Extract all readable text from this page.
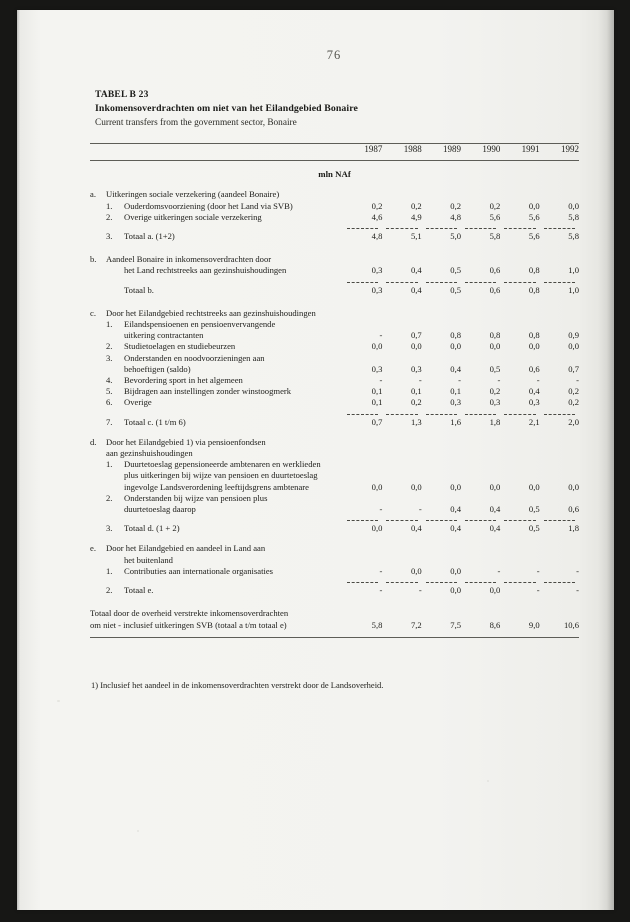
76
TABEL B 23
Inkomensoverdrachten om niet van het Eilandgebied Bonaire
Current transfers from the government sector, Bonaire

			1987	1988	1989	1990	1991	1992

mln NAf								
a.	Uitkeringen sociale verzekering (aandeel Bonaire)							
	1.	Ouderdomsvoorziening (door het Land via SVB)	0,2	0,2	0,2	0,2	0,0	0,0
	2.	Overige uitkeringen sociale verzekering	4,6	4,9	4,8	5,6	5,6	5,8

	3.	Totaal a. (1+2)	4,8	5,1	5,0	5,8	5,6	5,8

b.	Aandeel Bonaire in inkomensoverdrachten door							
		het Land rechtstreeks aan gezinshuishoudingen	0,3	0,4	0,5	0,6	0,8	1,0

		Totaal b.	0,3	0,4	0,5	0,6	0,8	1,0

c.	Door het Eilandgebied rechtstreeks aan gezinshuishoudingen							
	1.	Eilandspensioenen en pensioenvervangende						
		uitkering contractanten	-	0,7	0,8	0,8	0,8	0,9
	2.	Studietoelagen en studiebeurzen	0,0	0,0	0,0	0,0	0,0	0,0
	3.	Onderstanden en noodvoorzieningen aan						
		behoeftigen (saldo)	0,3	0,3	0,4	0,5	0,6	0,7
	4.	Bevordering sport in het algemeen	-	-	-	-	-	-
	5.	Bijdragen aan instellingen zonder winstoogmerk	0,1	0,1	0,1	0,2	0,4	0,2
	6.	Overige	0,1	0,2	0,3	0,3	0,3	0,2

	7.	Totaal c. (1 t/m 6)	0,7	1,3	1,6	1,8	2,1	2,0

d.	Door het Eilandgebied 1) via pensioenfondsen							
	aan gezinshuishoudingen							
	1.	Duurtetoeslag gepensioneerde ambtenaren en werklieden						
		plus uitkeringen bij wijze van pensioen en duurtetoeslag						
		ingevolge Landsverordening leeftijdsgrens ambtenare	0,0	0,0	0,0	0,0	0,0	0,0
	2.	Onderstanden bij wijze van pensioen plus						
		duurtetoeslag daarop	-	-	0,4	0,4	0,5	0,6

	3.	Totaal d. (1 + 2)	0,0	0,4	0,4	0,4	0,5	1,8

e.	Door het Eilandgebied en aandeel in Land aan							
		het buitenland						
	1.	Contributies aan internationale organisaties	-	0,0	0,0	-	-	-

	2.	Totaal e.	-	-	0,0	0,0	-	-

Totaal door de overheid verstrekte inkomensoverdrachten								
om niet - inclusief uitkeringen SVB (totaal a t/m totaal e)			5,8	7,2	7,5	8,6	9,0	10,6

1) Inclusief het aandeel in de inkomensoverdrachten verstrekt door de Landsoverheid.
